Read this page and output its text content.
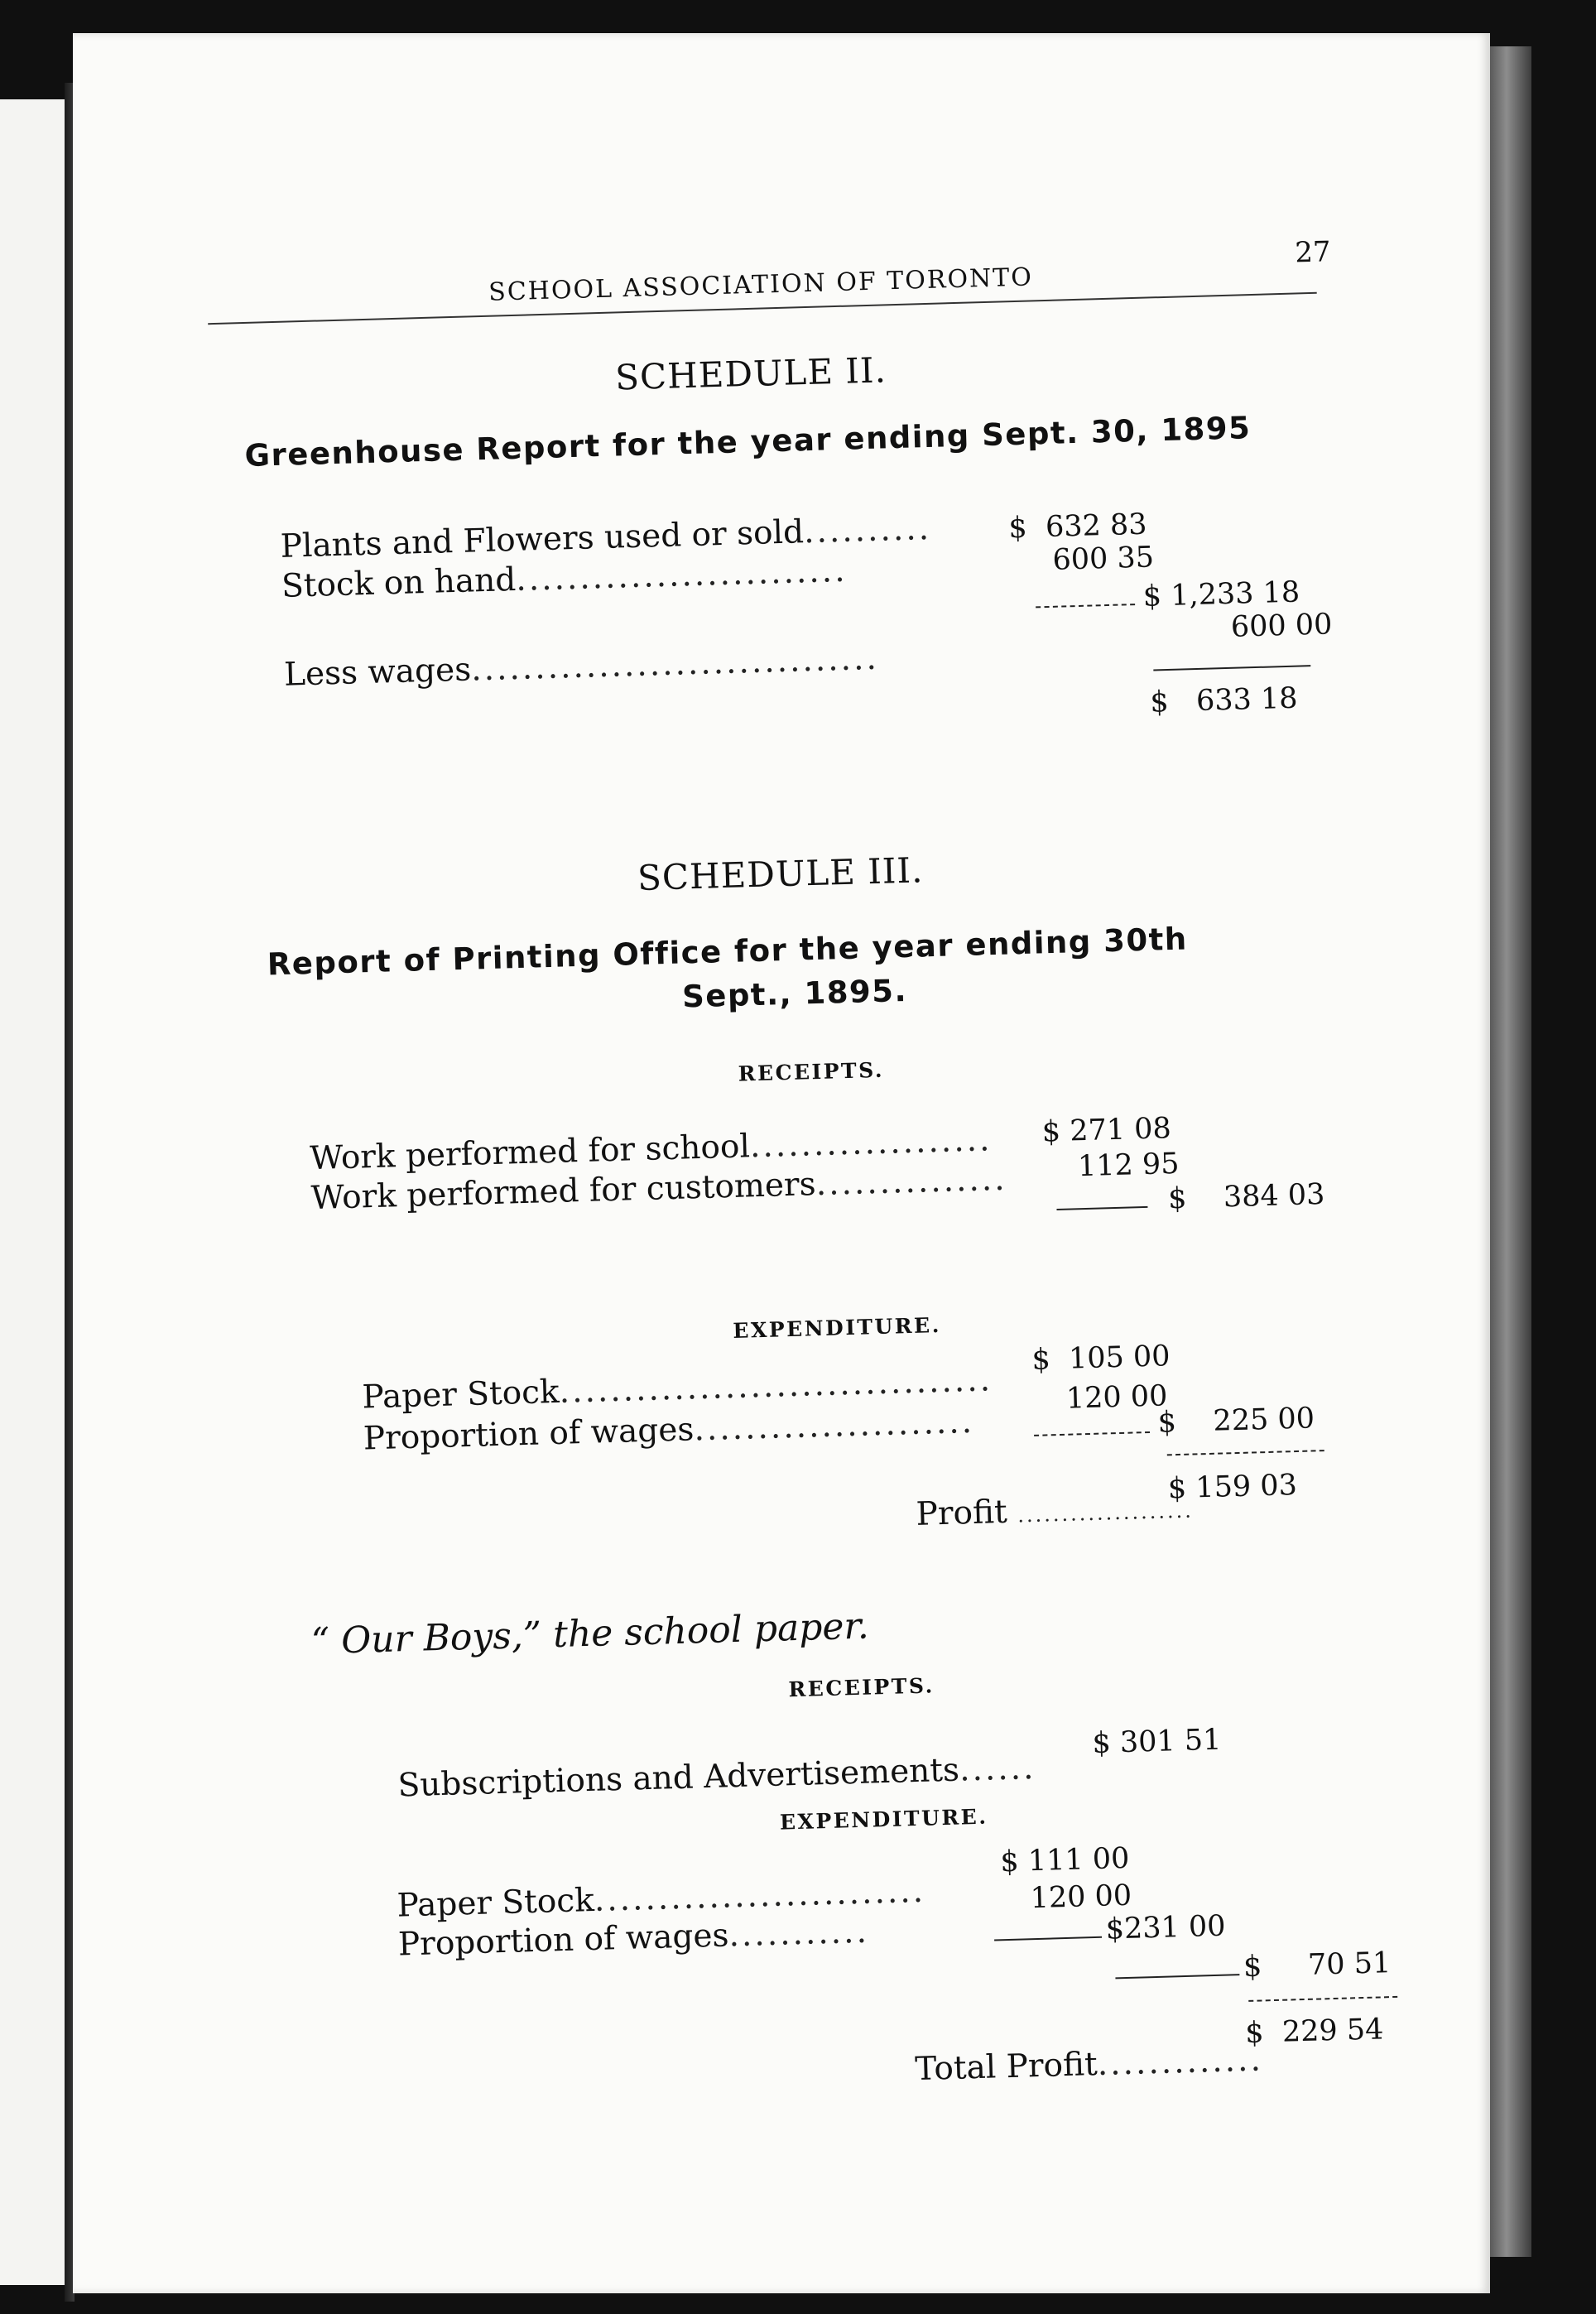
SCHOOL ASSOCIATION OF TORONTO
27
SCHEDULE II.
Greenhouse Report for the year ending Sept. 30, 1895
Plants and Flowers used or sold..........	$ 632 83
Stock on hand..........................	600 35
$ 1,233 18
Less wages................................
600 00
$ 633 18
SCHEDULE III.
Report of Printing Office for the year ending 30th
Sept., 1895.
RECEIPTS.
Work performed for school................... $ 271 08
Work performed for customers............... 112 95
$ 384 03
EXPENDITURE.
Paper Stock..................................
$ 105 00
Proportion of wages......................
120 00
$ 225 00
Profit ....................
$ 159 03
“ Our Boys,” the school paper.
RECEIPTS.
Subscriptions and Advertisements......
$ 301 51
EXPENDITURE.
Paper Stock..........................
$ 111 00
Proportion of wages...........
120 00
$231 00
$ 70 51
Total Profit.............
$ 229 54
